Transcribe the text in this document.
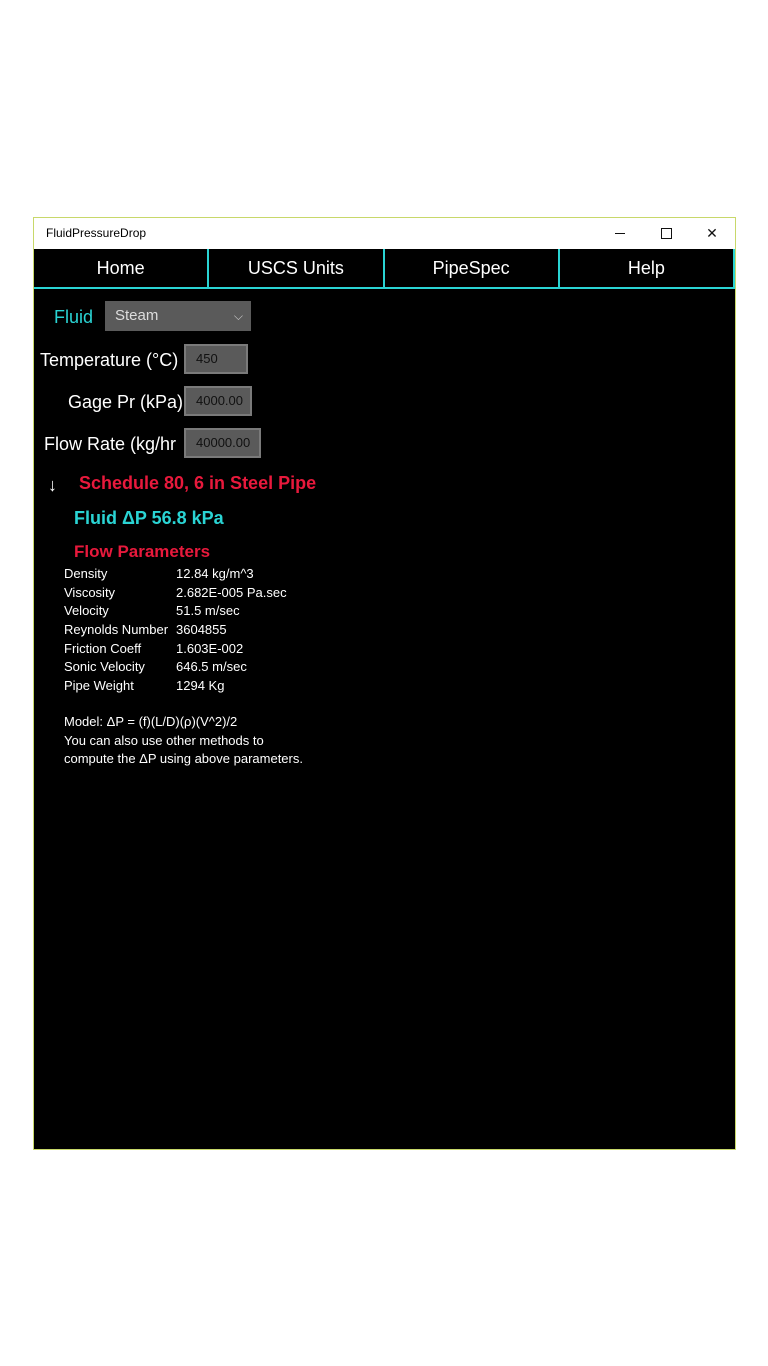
FluidPressureDrop	✕
Home	USCS Units	PipeSpec	Help
Fluid	Steam	⌵
Temperature (°C)	450
Gage Pr (kPa) 4000.00
Flow Rate (kg/hr	40000.00
↓ Schedule 80, 6 in Steel Pipe
Fluid ΔP 56.8 kPa
Flow Parameters
Density	12.84 kg/m^3
Viscosity	2.682E-005 Pa.sec
Velocity	51.5 m/sec
Reynolds Number 3604855
Friction Coeff	1.603E-002
Sonic Velocity 646.5 m/sec
Pipe Weight	1294 Kg
Model: ΔP = (f)(L/D)(ρ)(V^2)/2
You can also use other methods to
compute the ΔP using above parameters.
